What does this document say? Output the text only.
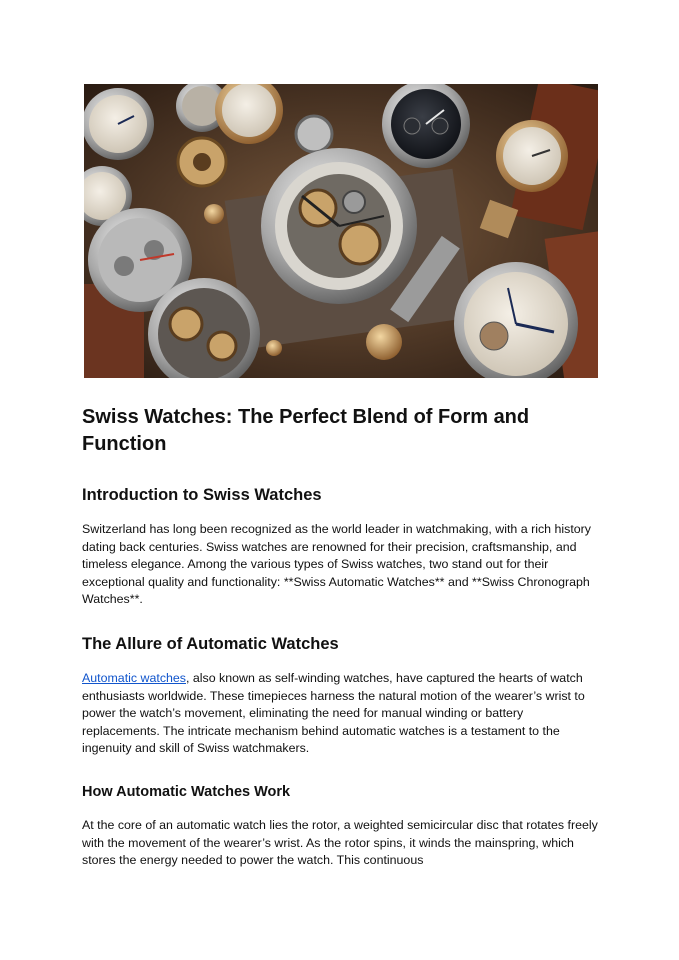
Swiss Watches: The Perfect Blend of Form and Function
Introduction to Swiss Watches

Switzerland has long been recognized as the world leader in watchmaking, with a rich history dating back centuries. Swiss watches are renowned for their precision, craftsmanship, and timeless elegance. Among the various types of Swiss watches, two stand out for their exceptional quality and functionality: **Swiss Automatic Watches** and **Swiss Chronograph Watches**.

The Allure of Automatic Watches

Automatic watches, also known as self-winding watches, have captured the hearts of watch enthusiasts worldwide. These timepieces harness the natural motion of the wearer’s wrist to power the watch’s movement, eliminating the need for manual winding or battery replacements. The intricate mechanism behind automatic watches is a testament to the ingenuity and skill of Swiss watchmakers.

How Automatic Watches Work

At the core of an automatic watch lies the rotor, a weighted semicircular disc that rotates freely with the movement of the wearer’s wrist. As the rotor spins, it winds the mainspring, which stores the energy needed to power the watch. This continuous
